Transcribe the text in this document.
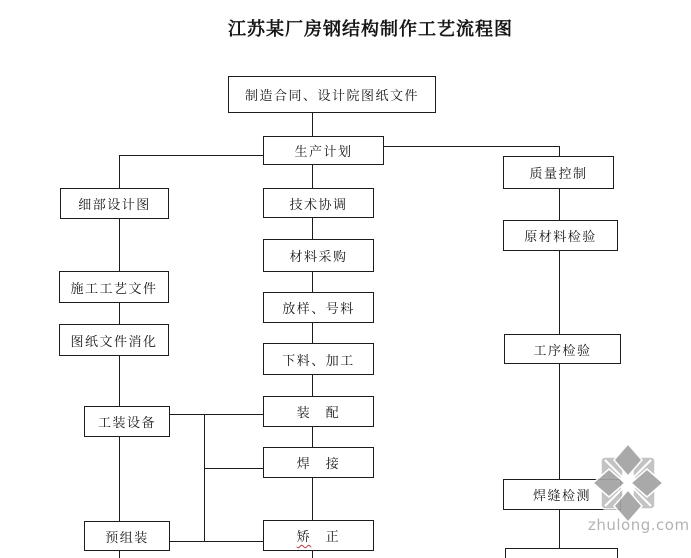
江苏某厂房钢结构制作工艺流程图
制造合同、设计院图纸文件
生产计划
技术协调
材料采购
放样、号料
下料、加工
装　配
焊　接
矫　正
细部设计图
施工工艺文件
图纸文件消化
工装设备
预组装
质量控制
原材料检验
工序检验
焊缝检测
zhulong.com
